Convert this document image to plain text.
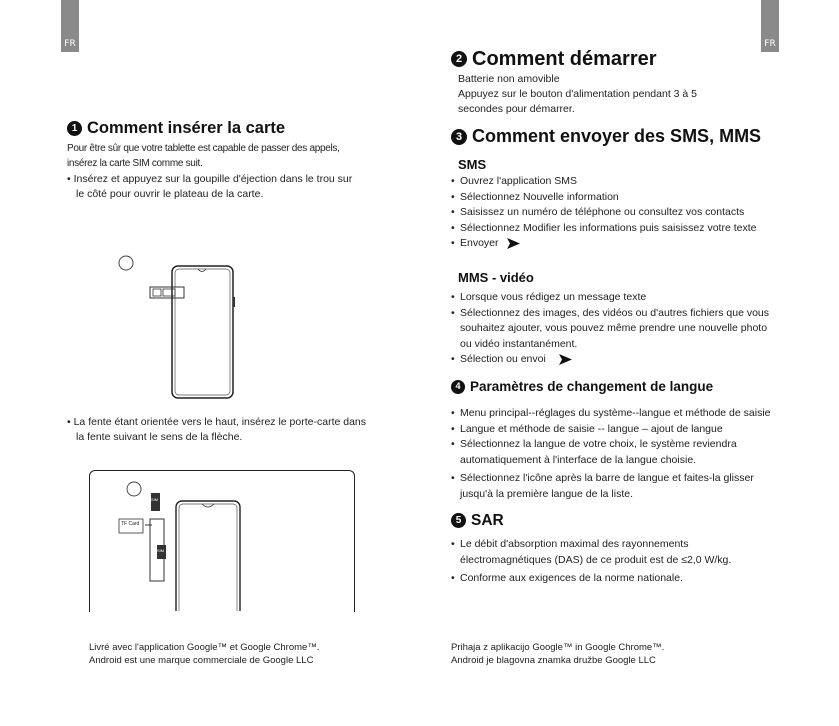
FR	FR
1 Comment insérer la carte

Pour être sûr que votre tablette est capable de passer des appels,

insérez la carte SIM comme suit.

• Insérez et appuyez sur la goupille d'éjection dans le trou sur

le côté pour ouvrir le plateau de la carte.

• La fente étant orientée vers le haut, insérez le porte-carte dans

la fente suivant le sens de la flèche.

TF Card
SIM
SIM

Livré avec l'application Google™ et Google Chrome™.

Android est une marque commerciale de Google LLC

2 Comment démarrer

Batterie non amovible

Appuyez sur le bouton d'alimentation pendant 3 à 5

secondes pour démarrer.

3 Comment envoyer des SMS, MMS

SMS

• Ouvrez l'application SMS
• Sélectionnez Nouvelle information
• Saisissez un numéro de téléphone ou consultez vos contacts
• Sélectionnez Modifier les informations puis saisissez votre texte
• Envoyer

MMS - vidéo

• Lorsque vous rédigez un message texte
• Sélectionnez des images, des vidéos ou d'autres fichiers que vous souhaitez ajouter, vous pouvez même prendre une nouvelle photo ou vidéo instantanément.
• Sélection ou envoi
4 Paramètres de changement de langue
• Menu principal--réglages du système--langue et méthode de saisie
• Langue et méthode de saisie -- langue – ajout de langue
• Sélectionnez la langue de votre choix, le système reviendra automatiquement à l'interface de la langue choisie.
• Sélectionnez l'icône après la barre de langue et faites-la glisser jusqu'à la première langue de la liste.
5 SAR
• Le débit d'absorption maximal des rayonnements électromagnétiques (DAS) de ce produit est de ≤2,0 W/kg.
• Conforme aux exigences de la norme nationale.

Prihaja z aplikacijo Google™ in Google Chrome™.

Android je blagovna znamka družbe Google LLC
